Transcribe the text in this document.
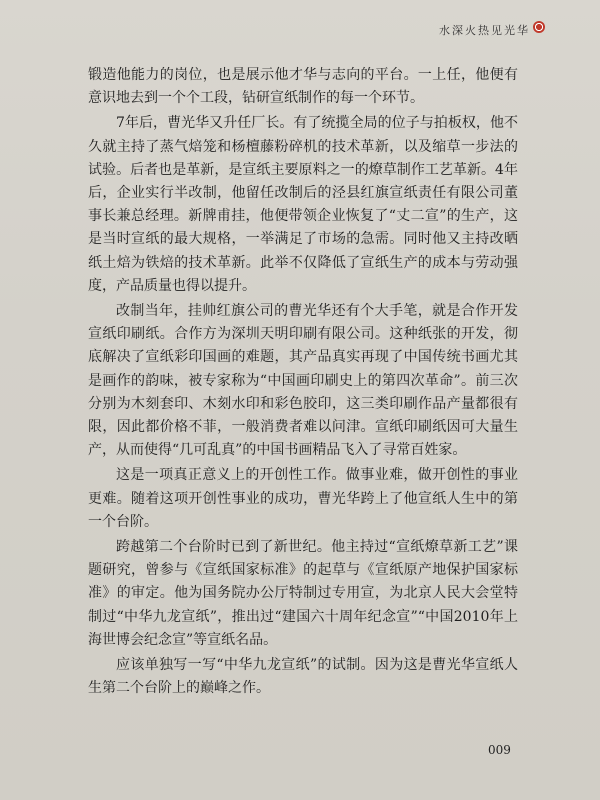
水深火热见光华

锻造他能力的岗位，也是展示他才华与志向的平台。一上任，他便有意识地去到一个个工段，钻研宣纸制作的每一个环节。

7年后，曹光华又升任厂长。有了统揽全局的位子与拍板权，他不久就主持了蒸气焙笼和杨檀藤粉碎机的技术革新，以及缩草一步法的试验。后者也是革新，是宣纸主要原料之一的燎草制作工艺革新。4年后，企业实行半改制，他留任改制后的泾县红旗宣纸责任有限公司董事长兼总经理。新牌甫挂，他便带领企业恢复了“丈二宣”的生产，这是当时宣纸的最大规格，一举满足了市场的急需。同时他又主持改晒纸土焙为铁焙的技术革新。此举不仅降低了宣纸生产的成本与劳动强度，产品质量也得以提升。

改制当年，挂帅红旗公司的曹光华还有个大手笔，就是合作开发宣纸印刷纸。合作方为深圳天明印刷有限公司。这种纸张的开发，彻底解决了宣纸彩印国画的难题，其产品真实再现了中国传统书画尤其是画作的韵味，被专家称为“中国画印刷史上的第四次革命”。前三次分别为木刻套印、木刻水印和彩色胶印，这三类印刷作品产量都很有限，因此都价格不菲，一般消费者难以问津。宣纸印刷纸因可大量生产，从而使得“几可乱真”的中国书画精品飞入了寻常百姓家。

这是一项真正意义上的开创性工作。做事业难，做开创性的事业更难。随着这项开创性事业的成功，曹光华跨上了他宣纸人生中的第一个台阶。

跨越第二个台阶时已到了新世纪。他主持过“宣纸燎草新工艺”课题研究，曾参与《宣纸国家标准》的起草与《宣纸原产地保护国家标准》的审定。他为国务院办公厅特制过专用宣，为北京人民大会堂特制过“中华九龙宣纸”，推出过“建国六十周年纪念宣”“中国2010年上海世博会纪念宣”等宣纸名品。

应该单独写一写“中华九龙宣纸”的试制。因为这是曹光华宣纸人生第二个台阶上的巅峰之作。

009
